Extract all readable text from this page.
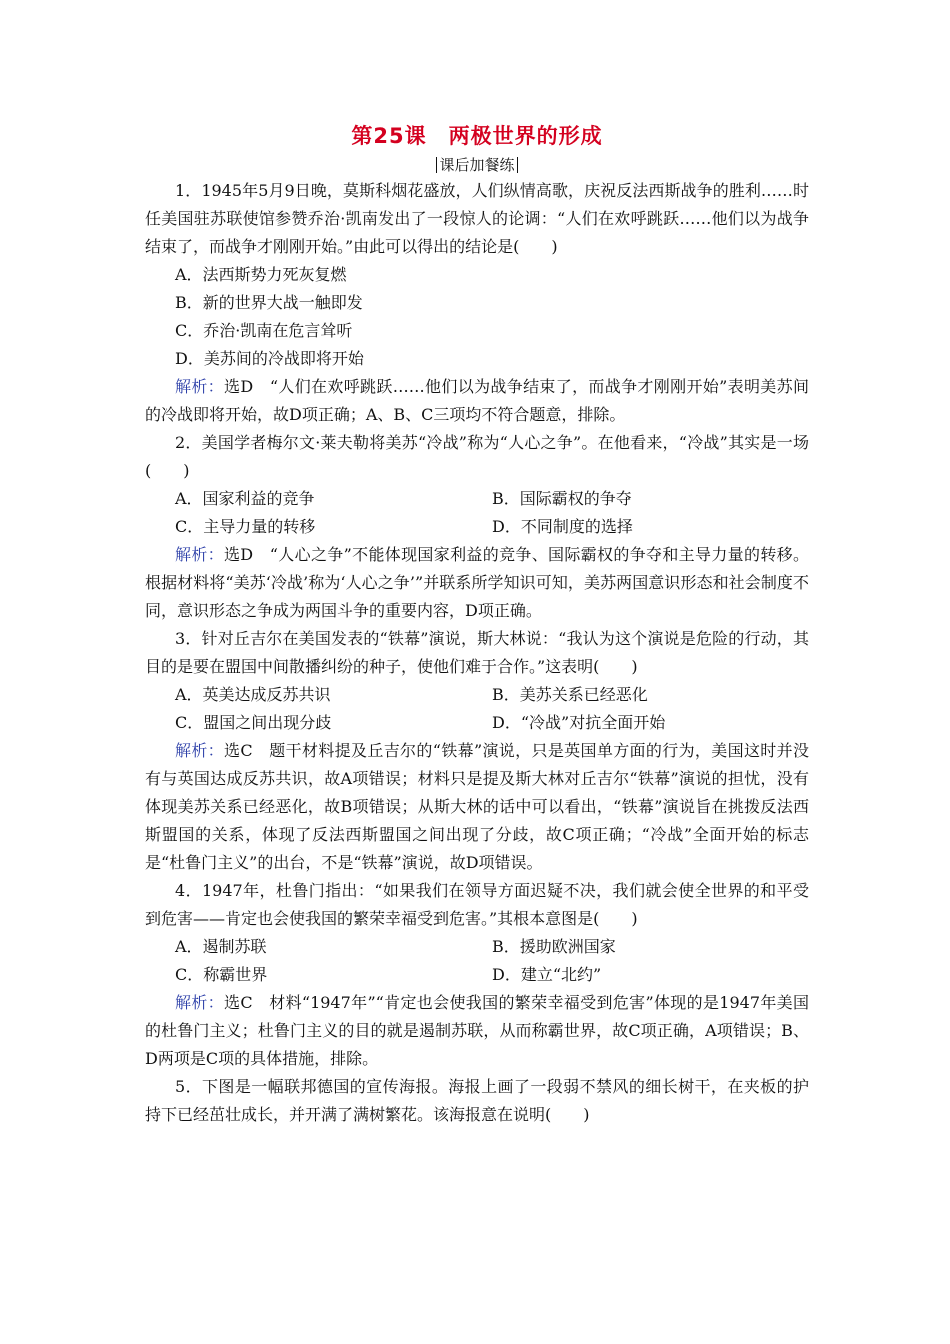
第25课 两极世界的形成
课后加餐练

1．1945年5月9日晚，莫斯科烟花盛放，人们纵情高歌，庆祝反法西斯战争的胜利……时任美国驻苏联使馆参赞乔治·凯南发出了一段惊人的论调：“人们在欢呼跳跃……他们以为战争结束了，而战争才刚刚开始。”由此可以得出的结论是(　　)

A．法西斯势力死灰复燃
B．新的世界大战一触即发
C．乔治·凯南在危言耸听
D．美苏间的冷战即将开始

解析：选D　“人们在欢呼跳跃……他们以为战争结束了，而战争才刚刚开始”表明美苏间的冷战即将开始，故D项正确；A、B、C三项均不符合题意，排除。

2．美国学者梅尔文·莱夫勒将美苏“冷战”称为“人心之争”。在他看来，“冷战”其实是一场(　　)

A．国家利益的竞争	B．国际霸权的争夺
C．主导力量的转移	D．不同制度的选择

解析：选D　“人心之争”不能体现国家利益的竞争、国际霸权的争夺和主导力量的转移。根据材料将“美苏‘冷战’称为‘人心之争’”并联系所学知识可知，美苏两国意识形态和社会制度不同，意识形态之争成为两国斗争的重要内容，D项正确。

3．针对丘吉尔在美国发表的“铁幕”演说，斯大林说：“我认为这个演说是危险的行动，其目的是要在盟国中间散播纠纷的种子，使他们难于合作。”这表明(　　)

A．英美达成反苏共识	B．美苏关系已经恶化
C．盟国之间出现分歧	D．“冷战”对抗全面开始

解析：选C　题干材料提及丘吉尔的“铁幕”演说，只是英国单方面的行为，美国这时并没有与英国达成反苏共识，故A项错误；材料只是提及斯大林对丘吉尔“铁幕”演说的担忧，没有体现美苏关系已经恶化，故B项错误；从斯大林的话中可以看出，“铁幕”演说旨在挑拨反法西斯盟国的关系，体现了反法西斯盟国之间出现了分歧，故C项正确；“冷战”全面开始的标志是“杜鲁门主义”的出台，不是“铁幕”演说，故D项错误。

4．1947年，杜鲁门指出：“如果我们在领导方面迟疑不决，我们就会使全世界的和平受到危害——肯定也会使我国的繁荣幸福受到危害。”其根本意图是(　　)

A．遏制苏联	B．援助欧洲国家
C．称霸世界	D．建立“北约”

解析：选C　材料“1947年”“肯定也会使我国的繁荣幸福受到危害”体现的是1947年美国的杜鲁门主义；杜鲁门主义的目的就是遏制苏联，从而称霸世界，故C项正确，A项错误；B、D两项是C项的具体措施，排除。

5．下图是一幅联邦德国的宣传海报。海报上画了一段弱不禁风的细长树干，在夹板的护持下已经茁壮成长，并开满了满树繁花。该海报意在说明(　　)
